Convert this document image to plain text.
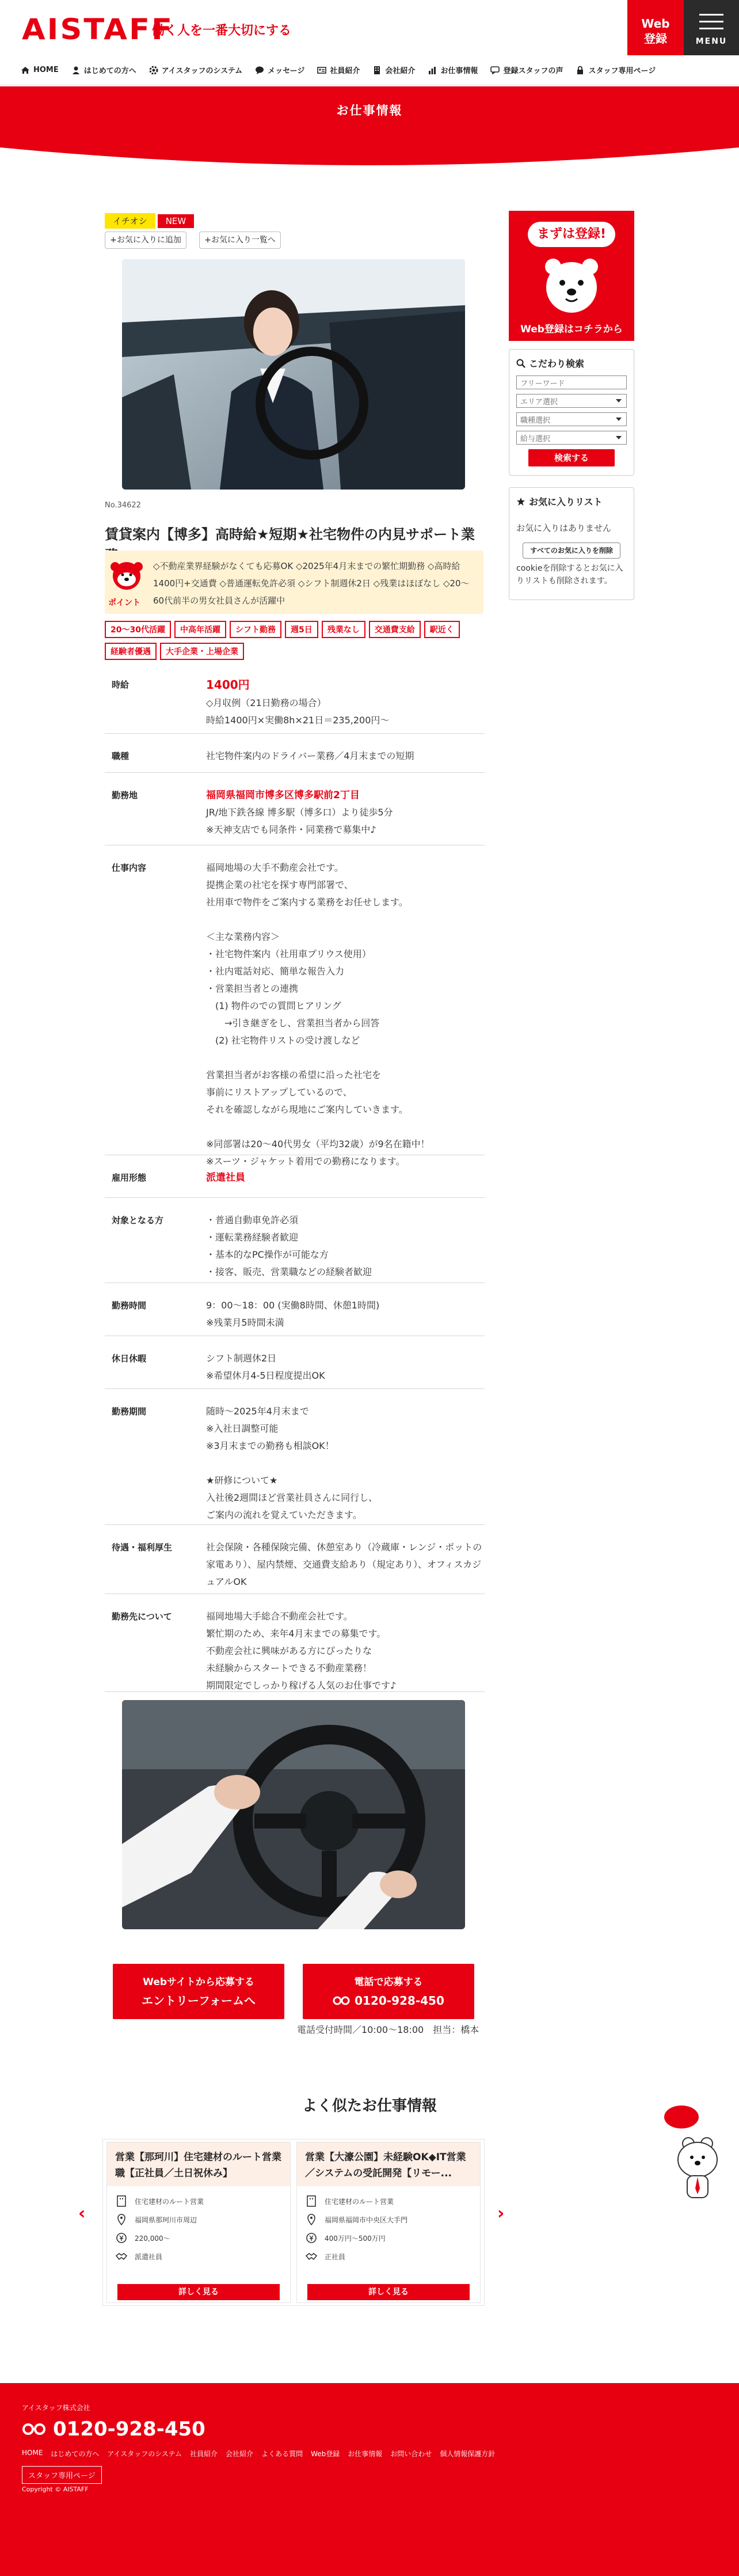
AISTAFF
働く人を一番大切にする	Web
登録	MENU
HOME	はじめての方へ	アイスタッフのシステム	メッセージ	社員紹介	会社紹介	お仕事情報	登録スタッフの声	スタッフ専用ページ
お仕事情報
イチオシ NEW
+お気に入りに追加	+お気に入り一覧へ
No.34622
賃貸案内【博多】高時給★短期★社宅物件の内見サポート業
ポイント
◇不動産業界経験がなくても応募OK ◇2025年4月末までの繁忙期勤務 ◇高時給1400円+交通費 ◇普通運転免許必須 ◇シフト制週休2日 ◇残業はほぼなし ◇20〜60代前半の男女社員さんが活躍中
20〜30代活躍	中高年活躍	シフト勤務	週5日	残業なし	交通費支給	駅近く
経験者優遇	大手企業・上場企業
時給	1400円
◇月収例（21日勤務の場合）
時給1400円×実働8h×21日＝235,200円〜
職種	社宅物件案内のドライバー業務／4月末までの短期
勤務地	福岡県福岡市博多区博多駅前2丁目
JR/地下鉄各線 博多駅（博多口）より徒歩5分
※天神支店でも同条件・同業務で募集中♪
仕事内容	福岡地場の大手不動産会社です。
提携企業の社宅を探す専門部署で、
社用車で物件をご案内する業務をお任せします。

＜主な業務内容＞
・社宅物件案内（社用車プリウス使用）
・社内電話対応、簡単な報告入力
・営業担当者との連携
　(1) 物件のでの質問ヒアリング
　　→引き継ぎをし、営業担当者から回答
　(2) 社宅物件リストの受け渡しなど

営業担当者がお客様の希望に沿った社宅を
事前にリストアップしているので、
それを確認しながら現地にご案内していきます。

※同部署は20〜40代男女（平均32歳）が9名在籍中！
※スーツ・ジャケット着用での勤務になります。
雇用形態	派遣社員
対象となる方	・普通自動車免許必須
・運転業務経験者歓迎
・基本的なPC操作が可能な方
・接客、販売、営業職などの経験者歓迎
勤務時間	9：00〜18：00 (実働8時間、休憩1時間)
※残業月5時間未満
休日休暇	シフト制週休2日
※希望休月4-5日程度提出OK
勤務期間	随時〜2025年4月末まで
※入社日調整可能
※3月末までの勤務も相談OK！

★研修について★
入社後2週間ほど営業社員さんに同行し、
ご案内の流れを覚えていただきます。
待遇・福利厚生	社会保険・各種保険完備、休憩室あり（冷蔵庫・レンジ・ポットの家電あり）、屋内禁煙、交通費支給あり（規定あり）、オフィスカジュアルOK
勤務先について	福岡地場大手総合不動産会社です。
繁忙期のため、来年4月末までの募集です。
不動産会社に興味がある方にぴったりな
未経験からスタートできる不動産業務！
期間限定でしっかり稼げる人気のお仕事です♪
Webサイトから応募する
エントリーフォームへ
電話で応募する
0120-928-450
電話受付時間／10:00〜18:00　担当：橋本
まずは登録!
Web登録はコチラから
こだわり検索
フリーワード
エリア選択
職種選択
給与選択
検索する
お気に入りリスト

お気に入りはありません

すべてのお気に入りを削除

cookieを削除するとお気に入りリストも削除されます。

よく似たお仕事情報
‹	›
営業【那珂川】住宅建材のルート営業職【正社員／土日祝休み】
住宅建材のルート営業
福岡県那珂川市周辺
220,000〜
派遣社員
詳しく見る
営業【大濠公園】未経験OK◆IT営業／システムの受託開発【リモー...
住宅建材のルート営業
福岡県福岡市中央区大手門
400万円〜500万円
正社員
詳しく見る
アイスタッフ株式会社
0120-928-450
HOME はじめての方へ アイスタッフのシステム 社員紹介 会社紹介 よくある質問 Web登録 お仕事情報 お問い合わせ 個人情報保護方針
スタッフ専用ページ
Copyright © AISTAFF
